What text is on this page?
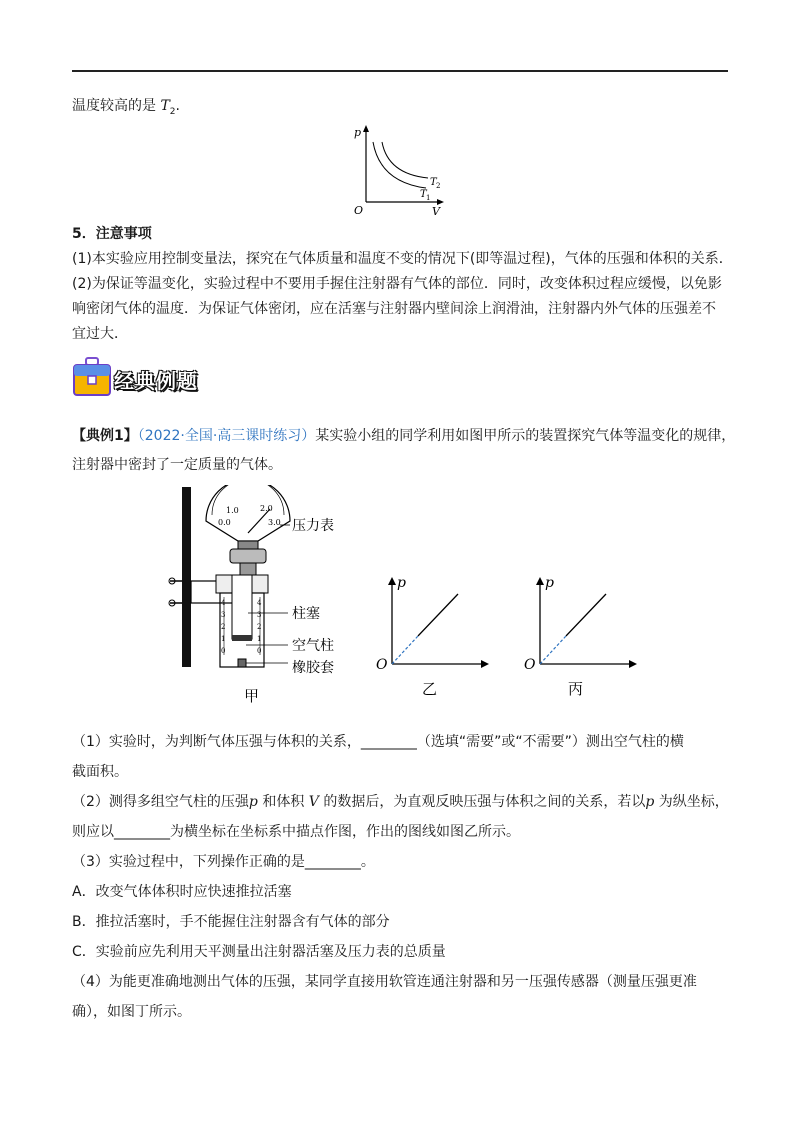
温度较高的是 $T_2$.
p
V
O
T 2
T 1
5．注意事项
(1)本实验应用控制变量法，探究在气体质量和温度不变的情况下(即等温过程)，气体的压强和体积的关系．
(2)为保证等温变化，实验过程中不要用手握住注射器有气体的部位．同时，改变体积过程应缓慢，以免影
响密闭气体的温度．为保证气体密闭，应在活塞与注射器内壁间涂上润滑油，注射器内外气体的压强差不
宜过大．
经典例题
【典例1】（2022·全国·高三课时练习）某实验小组的同学利用如图甲所示的装置探究气体等温变化的规律，
注射器中密封了一定质量的气体。
1.0	2.0
0.0	3.0
4
3
2
1
0
4
3
2
1
0
压力表
柱塞
空气柱
橡胶套
甲
p
O
乙
p
O
丙
（1）实验时，为判断气体压强与体积的关系，________（选填“需要”或“不需要”）测出空气柱的横
截面积。
（2）测得多组空气柱的压强p 和体积 V 的数据后，为直观反映压强与体积之间的关系，若以p 为纵坐标，
则应以________为横坐标在坐标系中描点作图，作出的图线如图乙所示。
（3）实验过程中，下列操作正确的是________。
A．改变气体体积时应快速推拉活塞
B．推拉活塞时，手不能握住注射器含有气体的部分
C．实验前应先利用天平测量出注射器活塞及压力表的总质量
（4）为能更准确地测出气体的压强，某同学直接用软管连通注射器和另一压强传感器（测量压强更准
确），如图丁所示。
